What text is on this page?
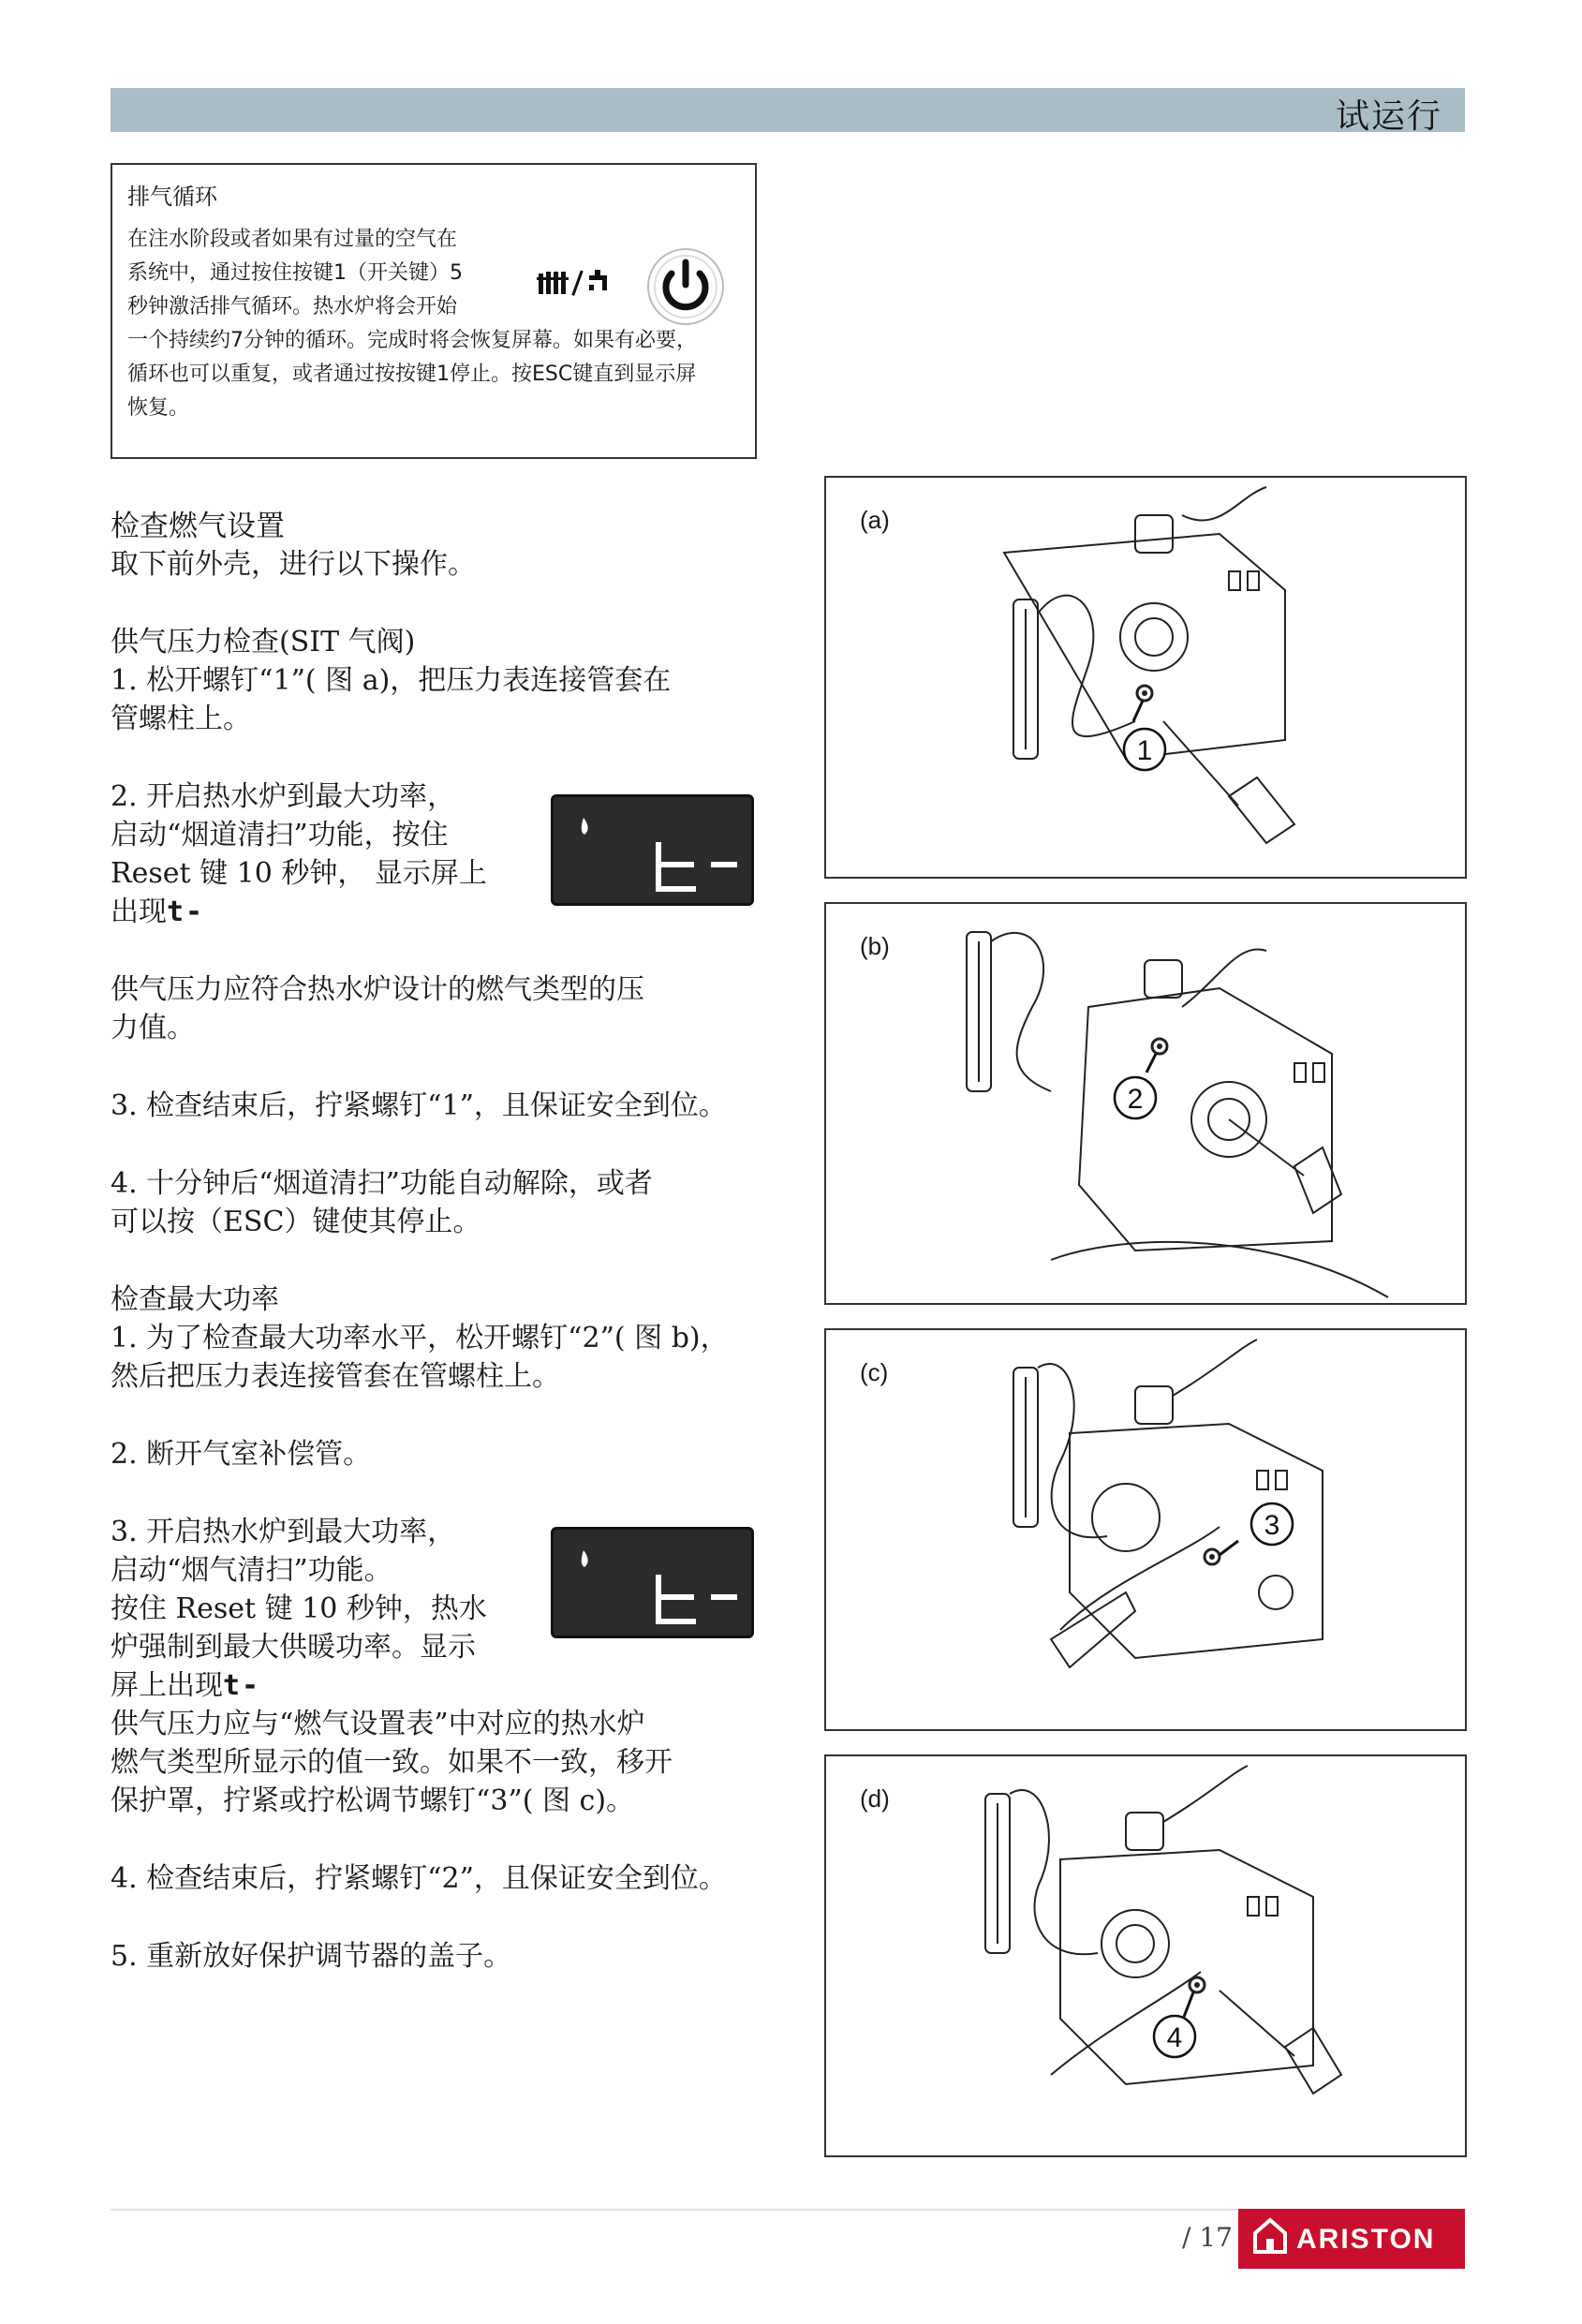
试运行
排气循环
在注水阶段或者如果有过量的空气在
系统中，通过按住按键1（开关键）5
秒钟激活排气循环。热水炉将会开始
一个持续约7分钟的循环。完成时将会恢复屏幕。如果有必要，
循环也可以重复，或者通过按按键1停止。按ESC键直到显示屏
恢复。
检查燃气设置
取下前外壳，进行以下操作。
供气压力检查(SIT 气阀)
1. 松开螺钉“1”( 图 a)，把压力表连接管套在
管螺柱上。
2. 开启热水炉到最大功率，
启动“烟道清扫”功能，按住
Reset 键 10 秒钟， 显示屏上
出现t-
供气压力应符合热水炉设计的燃气类型的压
力值。
3. 检查结束后，拧紧螺钉“1”，且保证安全到位。
4. 十分钟后“烟道清扫”功能自动解除，或者
可以按（ESC）键使其停止。
检查最大功率
1. 为了检查最大功率水平，松开螺钉“2”( 图 b)，
然后把压力表连接管套在管螺柱上。
2. 断开气室补偿管。
3. 开启热水炉到最大功率，
启动“烟气清扫”功能。
按住 Reset 键 10 秒钟，热水
炉强制到最大供暖功率。显示
屏上出现t-
供气压力应与“燃气设置表”中对应的热水炉
燃气类型所显示的值一致。如果不一致，移开
保护罩，拧紧或拧松调节螺钉“3”( 图 c)。
4. 检查结束后，拧紧螺钉“2”，且保证安全到位。
5. 重新放好保护调节器的盖子。
(a)
1
(b)
2
(c)
3
(d)
4
/ 17 ARISTON
